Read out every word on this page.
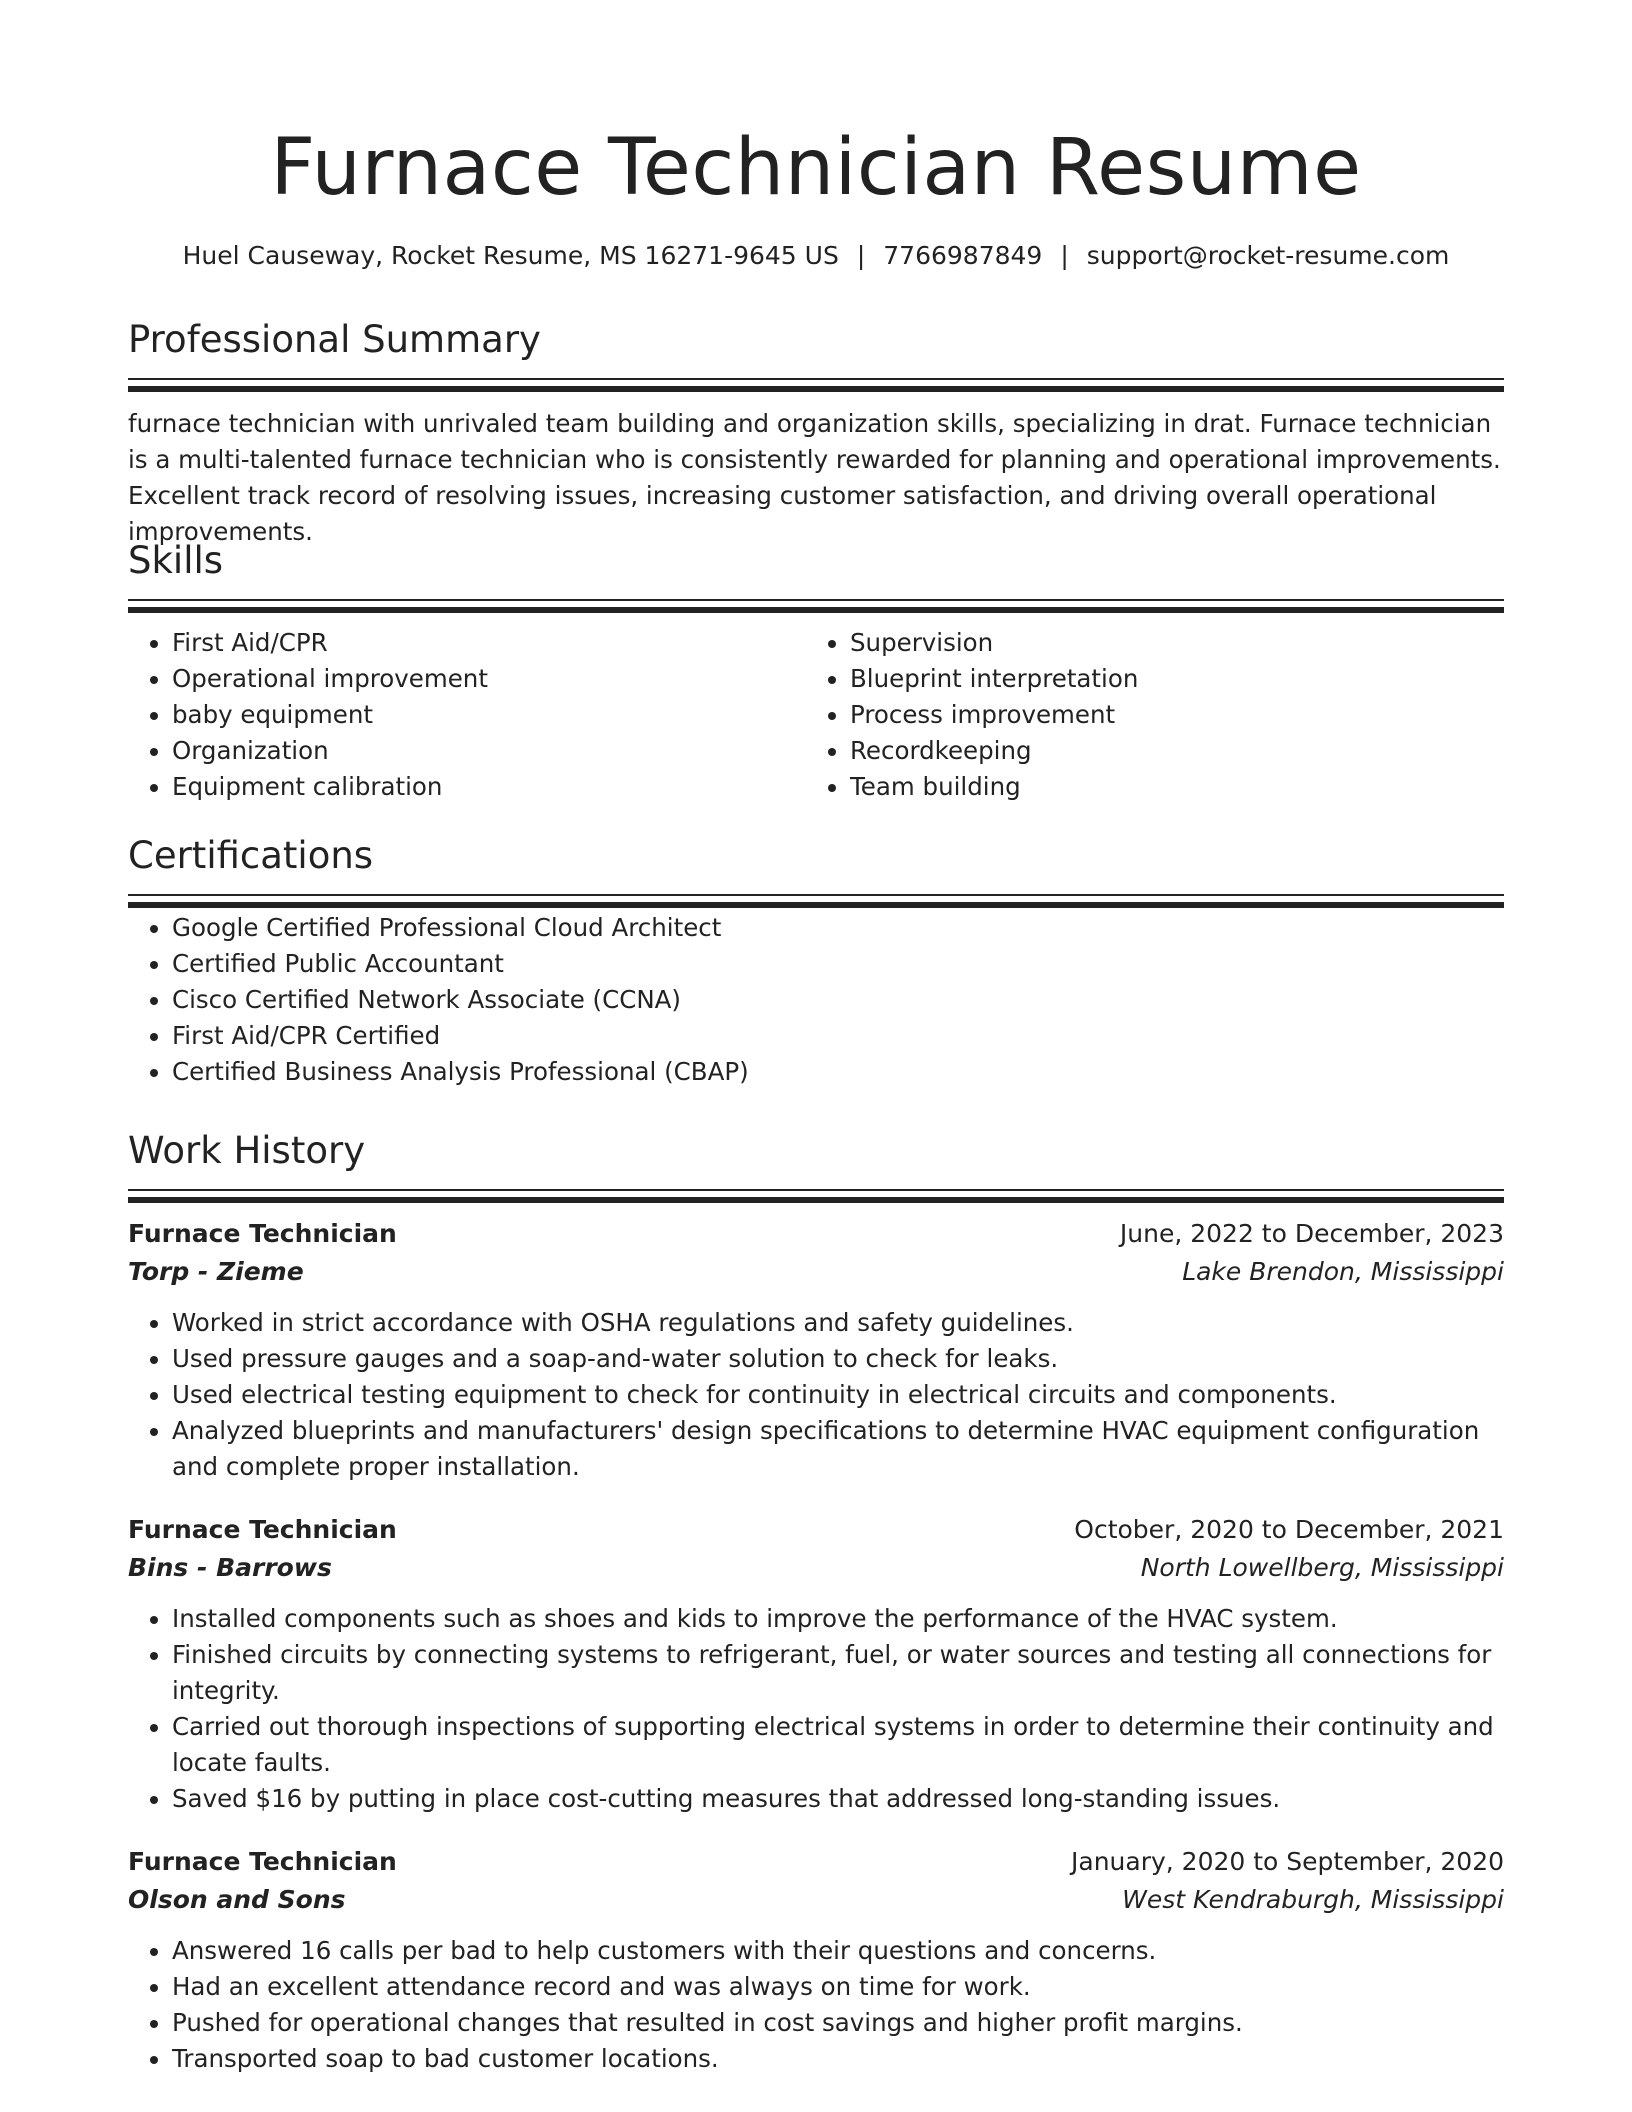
Furnace Technician Resume
Huel Causeway, Rocket Resume, MS 16271-9645 US | 7766987849 | support@rocket-resume.com
Professional Summary

furnace technician with unrivaled team building and organization skills, specializing in drat. Furnace technician is a multi-talented furnace technician who is consistently rewarded for planning and operational improvements. Excellent track record of resolving issues, increasing customer satisfaction, and driving overall operational improvements.

Skills
• First Aid/CPR
• Operational improvement
• baby equipment
• Organization
• Equipment calibration
• Supervision
• Blueprint interpretation
• Process improvement
• Recordkeeping
• Team building
Certifications
• Google Certified Professional Cloud Architect
• Certified Public Accountant
• Cisco Certified Network Associate (CCNA)
• First Aid/CPR Certified
• Certified Business Analysis Professional (CBAP)
Work History
Furnace Technician	June, 2022 to December, 2023
Torp - Zieme	Lake Brendon, Mississippi
• Worked in strict accordance with OSHA regulations and safety guidelines.
• Used pressure gauges and a soap-and-water solution to check for leaks.
• Used electrical testing equipment to check for continuity in electrical circuits and components.
• Analyzed blueprints and manufacturers' design specifications to determine HVAC equipment configuration and complete proper installation.
Furnace Technician	October, 2020 to December, 2021
Bins - Barrows	North Lowellberg, Mississippi
• Installed components such as shoes and kids to improve the performance of the HVAC system.
• Finished circuits by connecting systems to refrigerant, fuel, or water sources and testing all connections for integrity.
• Carried out thorough inspections of supporting electrical systems in order to determine their continuity and locate faults.
• Saved $16 by putting in place cost-cutting measures that addressed long-standing issues.
Furnace Technician	January, 2020 to September, 2020
Olson and Sons	West Kendraburgh, Mississippi
• Answered 16 calls per bad to help customers with their questions and concerns.
• Had an excellent attendance record and was always on time for work.
• Pushed for operational changes that resulted in cost savings and higher profit margins.
• Transported soap to bad customer locations.
